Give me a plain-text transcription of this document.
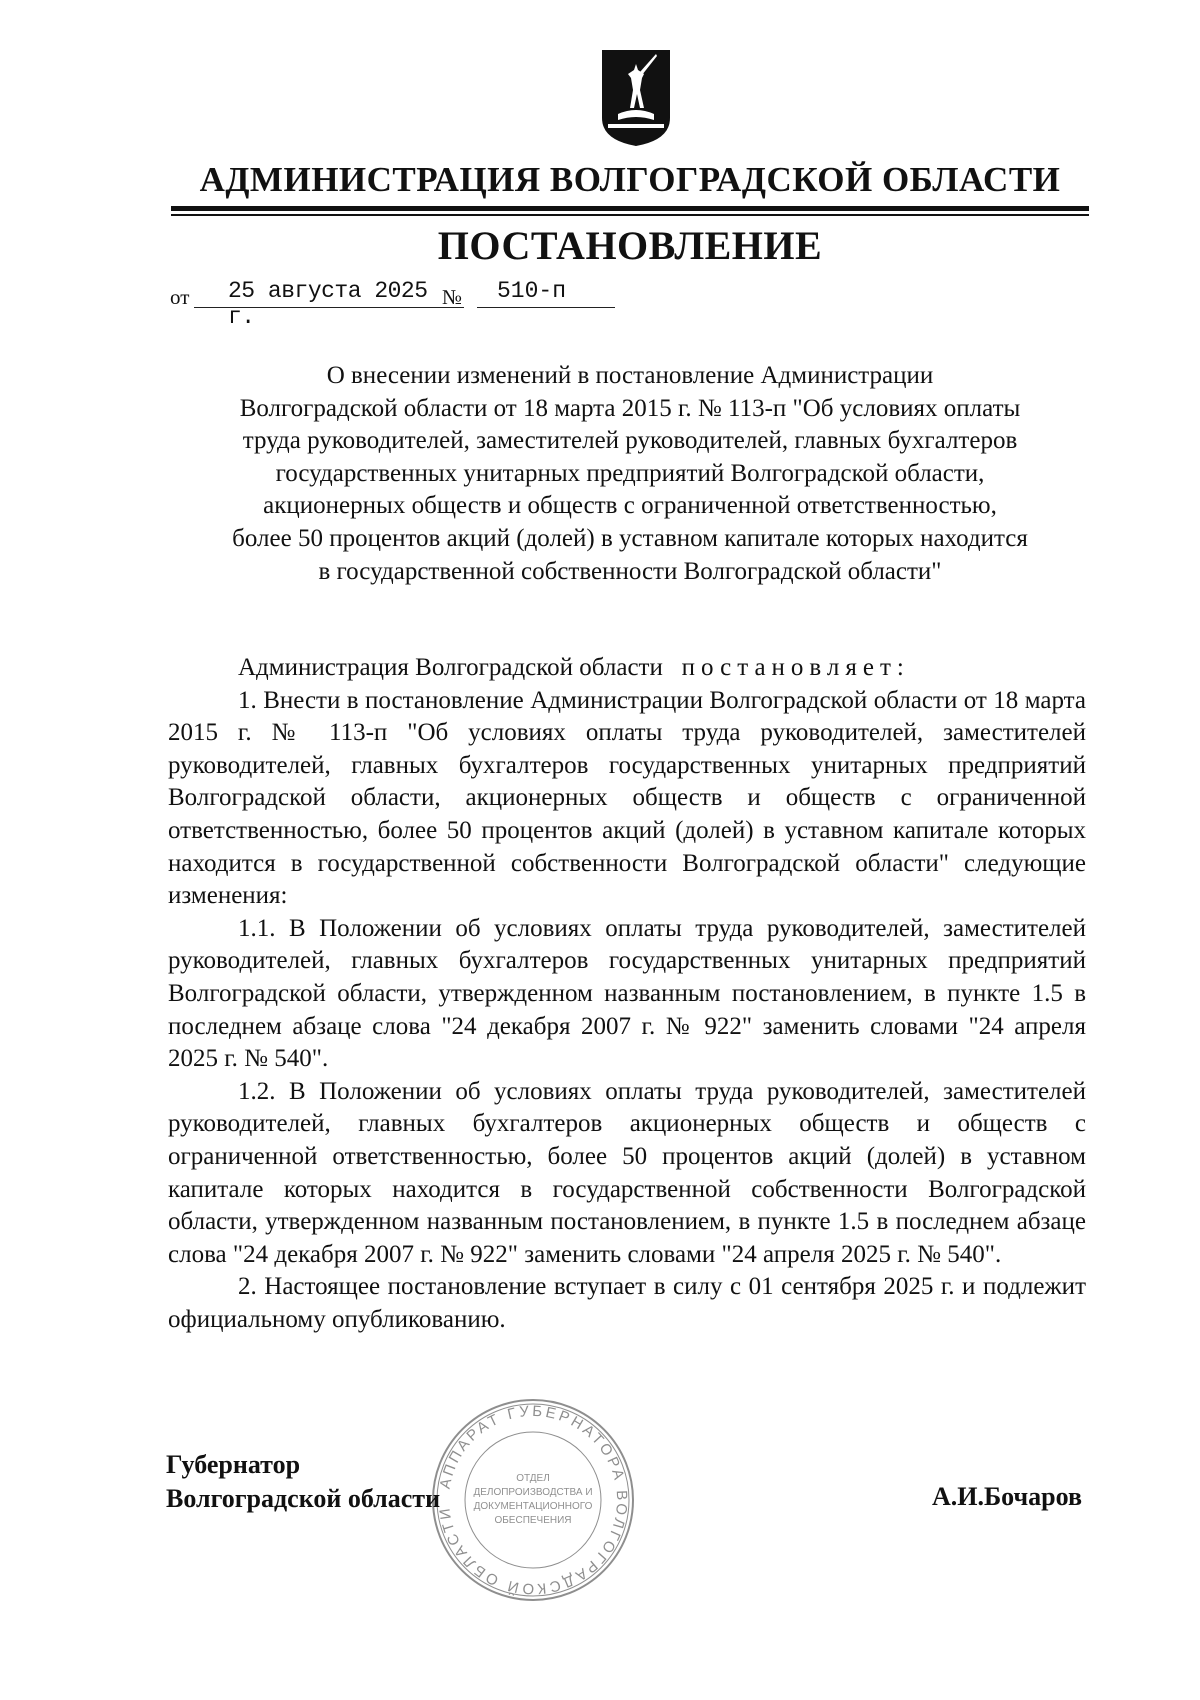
АДМИНИСТРАЦИЯ ВОЛГОГРАДСКОЙ ОБЛАСТИ
ПОСТАНОВЛЕНИЕ
от 25 августа 2025 г.
№ 510-п
О внесении изменений в постановление Администрации
Волгоградской области от 18 марта 2015 г. № 113-п "Об условиях оплаты
труда руководителей, заместителей руководителей, главных бухгалтеров
государственных унитарных предприятий Волгоградской области,
акционерных обществ и обществ с ограниченной ответственностью,
более 50 процентов акций (долей) в уставном капитале которых находится
в государственной собственности Волгоградской области"

Администрация Волгоградской области постановляет:

1. Внести в постановление Администрации Волгоградской области от 18 марта 2015 г. № 113-п "Об условиях оплаты труда руководителей, заместителей руководителей, главных бухгалтеров государственных унитарных предприятий Волгоградской области, акционерных обществ и обществ с ограниченной ответственностью, более 50 процентов акций (долей) в уставном капитале которых находится в государственной собственности Волгоградской области" следующие изменения:

1.1. В Положении об условиях оплаты труда руководителей, заместителей руководителей, главных бухгалтеров государственных унитарных предприятий Волгоградской области, утвержденном названным постановлением, в пункте 1.5 в последнем абзаце слова "24 декабря 2007 г. № 922" заменить словами "24 апреля 2025 г. № 540".

1.2. В Положении об условиях оплаты труда руководителей, заместителей руководителей, главных бухгалтеров акционерных обществ и обществ с ограниченной ответственностью, более 50 процентов акций (долей) в уставном капитале которых находится в государственной собственности Волгоградской области, утвержденном названным постановлением, в пункте 1.5 в последнем абзаце слова "24 декабря 2007 г. № 922" заменить словами "24 апреля 2025 г. № 540".

2. Настоящее постановление вступает в силу с 01 сентября 2025 г. и подлежит официальному опубликованию.

АППАРАТ ГУБЕРНАТОРА ВОЛГОГРАДСКОЙ ОБЛАСТИ
ОТДЕЛ
ДЕЛОПРОИЗВОДСТВА И
ДОКУМЕНТАЦИОННОГО
ОБЕСПЕЧЕНИЯ
Губернатор
Волгоградской области	А.И.Бочаров
